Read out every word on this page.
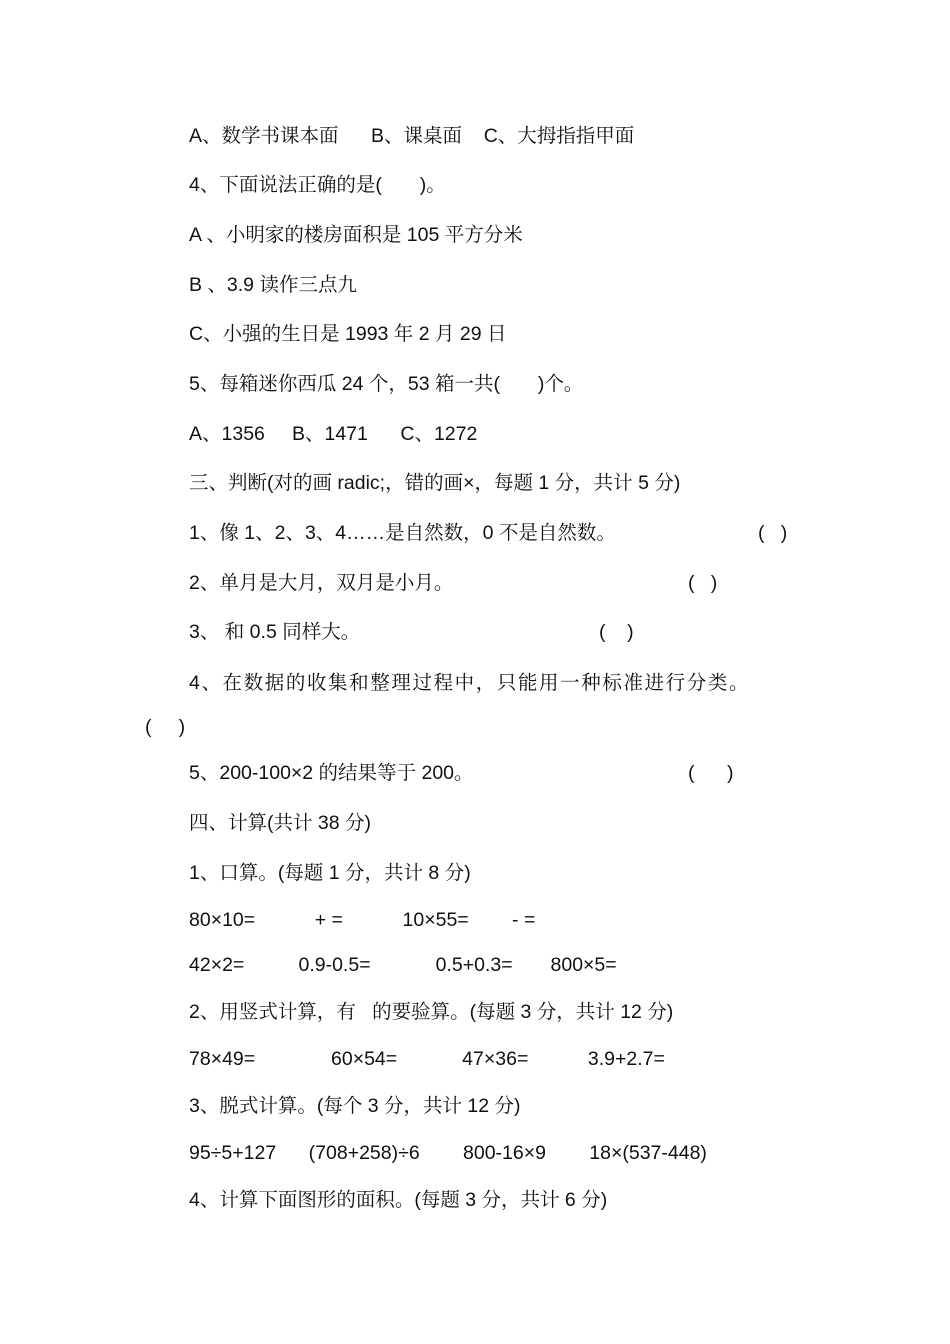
A、数学书课本面      B、课桌面    C、大拇指指甲面
4、下面说法正确的是(       )。
A 、小明家的楼房面积是 105 平方分米
B 、3.9 读作三点九
C、小强的生日是 1993 年 2 月 29 日
5、每箱迷你西瓜 24 个，53 箱一共(       )个。
A、1356     B、1471      C、1272
三、判断(对的画 radic;，错的画×，每题 1 分，共计 5 分)
1、像 1、2、3、4……是自然数，0 不是自然数。	(   )
2、单月是大月，双月是小月。	(   )
3、 和 0.5 同样大。	(    )
4、在数据的收集和整理过程中，只能用一种标准进行分类。
(     )
5、200-100×2 的结果等于 200。	(      )
四、计算(共计 38 分)
1、口算。(每题 1 分，共计 8 分)
80×10=           + =           10×55=        - =
42×2=          0.9-0.5=            0.5+0.3=       800×5=
2、用竖式计算，有   的要验算。(每题 3 分，共计 12 分)
78×49=              60×54=            47×36=           3.9+2.7=
3、脱式计算。(每个 3 分，共计 12 分)
95÷5+127      (708+258)÷6        800-16×9        18×(537-448)
4、计算下面图形的面积。(每题 3 分，共计 6 分)
